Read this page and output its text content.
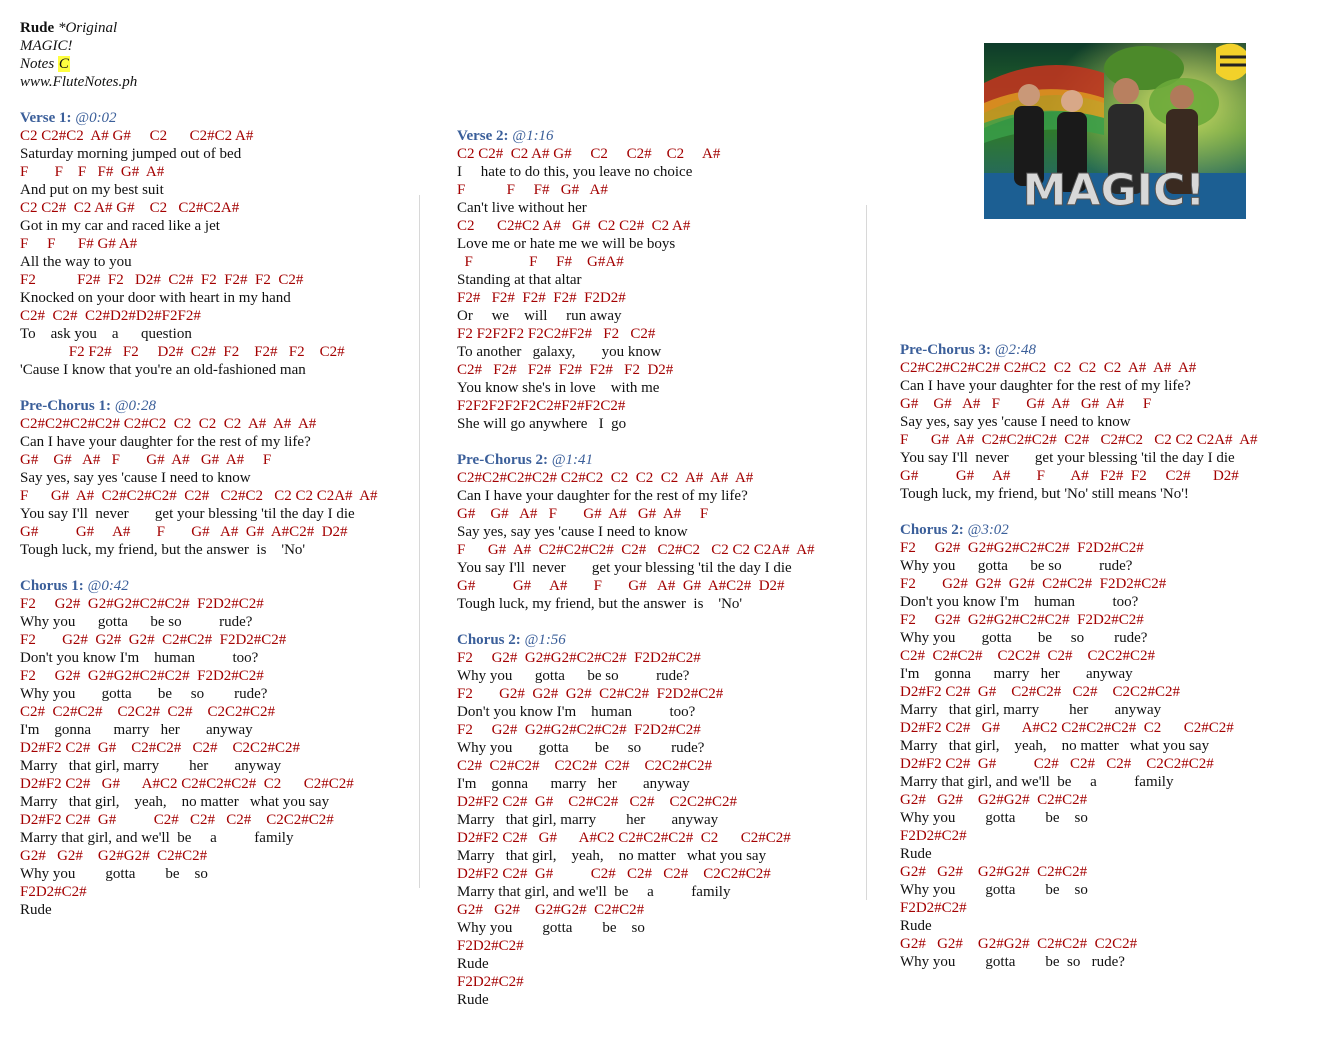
Rude *Original
MAGIC!
Notes C
www.FluteNotes.ph
Verse 1: @0:02
C2 C2#C2  A# G#     C2      C2#C2 A#
Saturday morning jumped out of bed
F       F    F   F#  G#  A#
And put on my best suit
C2 C2#  C2 A# G#    C2   C2#C2A#
Got in my car and raced like a jet
F     F      F# G# A#
All the way to you
F2           F2#  F2   D2#  C2#  F2  F2#  F2  C2#
Knocked on your door with heart in my hand
C2#  C2#  C2#D2#D2#F2F2#
To    ask you    a      question
F2 F2#   F2     D2#  C2#  F2    F2#   F2    C2#
'Cause I know that you're an old-fashioned man
Pre-Chorus 1: @0:28
C2#C2#C2#C2# C2#C2  C2  C2  C2  A#  A#  A#
Can I have your daughter for the rest of my life?
G#    G#   A#   F       G#  A#   G#  A#     F
Say yes, say yes 'cause I need to know
F      G#  A#  C2#C2#C2#  C2#   C2#C2   C2 C2 C2A#  A#
You say I'll  never       get your blessing 'til the day I die
G#          G#     A#       F       G#   A#  G#  A#C2#  D2#
Tough luck, my friend, but the answer  is    'No'
Chorus 1: @0:42
F2     G2#  G2#G2#C2#C2#  F2D2#C2#
Why you      gotta      be so          rude?
F2       G2#  G2#  G2#  C2#C2#  F2D2#C2#
Don't you know I'm    human          too?
F2     G2#  G2#G2#C2#C2#  F2D2#C2#
Why you       gotta       be     so        rude?
C2#  C2#C2#    C2C2#  C2#    C2C2#C2#
I'm    gonna      marry   her       anyway
D2#F2 C2#  G#    C2#C2#   C2#    C2C2#C2#
Marry   that girl, marry        her       anyway
D2#F2 C2#   G#      A#C2 C2#C2#C2#  C2      C2#C2#
Marry   that girl,    yeah,    no matter   what you say
D2#F2 C2#  G#          C2#   C2#   C2#    C2C2#C2#
Marry that girl, and we'll  be     a          family
G2#   G2#    G2#G2#  C2#C2#
Why you        gotta        be    so
F2D2#C2#
Rude
Verse 2: @1:16
C2 C2#  C2 A# G#     C2     C2#    C2     A#
I     hate to do this, you leave no choice
F           F     F#   G#   A#
Can't live without her
C2      C2#C2 A#   G#  C2 C2#  C2 A#
Love me or hate me we will be boys
F               F     F#    G#A#
Standing at that altar
F2#   F2#  F2#  F2#  F2D2#
Or     we    will     run away
F2 F2F2F2 F2C2#F2#   F2   C2#
To another   galaxy,       you know
C2#   F2#   F2#  F2#  F2#   F2  D2#
You know she's in love    with me
F2F2F2F2F2C2#F2#F2C2#
She will go anywhere   I  go
Pre-Chorus 2: @1:41
C2#C2#C2#C2# C2#C2  C2  C2  C2  A#  A#  A#
Can I have your daughter for the rest of my life?
G#    G#   A#   F       G#  A#   G#  A#     F
Say yes, say yes 'cause I need to know
F      G#  A#  C2#C2#C2#  C2#   C2#C2   C2 C2 C2A#  A#
You say I'll  never       get your blessing 'til the day I die
G#          G#     A#       F       G#   A#  G#  A#C2#  D2#
Tough luck, my friend, but the answer  is    'No'
Chorus 2: @1:56
F2     G2#  G2#G2#C2#C2#  F2D2#C2#
Why you      gotta      be so          rude?
F2       G2#  G2#  G2#  C2#C2#  F2D2#C2#
Don't you know I'm    human          too?
F2     G2#  G2#G2#C2#C2#  F2D2#C2#
Why you       gotta       be     so        rude?
C2#  C2#C2#    C2C2#  C2#    C2C2#C2#
I'm    gonna      marry   her       anyway
D2#F2 C2#  G#    C2#C2#   C2#    C2C2#C2#
Marry   that girl, marry        her       anyway
D2#F2 C2#   G#      A#C2 C2#C2#C2#  C2      C2#C2#
Marry   that girl,    yeah,    no matter   what you say
D2#F2 C2#  G#          C2#   C2#   C2#    C2C2#C2#
Marry that girl, and we'll  be     a          family
G2#   G2#    G2#G2#  C2#C2#
Why you        gotta        be    so
F2D2#C2#
Rude
F2D2#C2#
Rude
Pre-Chorus 3: @2:48
C2#C2#C2#C2# C2#C2  C2  C2  C2  A#  A#  A#
Can I have your daughter for the rest of my life?
G#    G#   A#   F       G#  A#   G#  A#     F
Say yes, say yes 'cause I need to know
F      G#  A#  C2#C2#C2#  C2#   C2#C2   C2 C2 C2A#  A#
You say I'll  never       get your blessing 'til the day I die
G#          G#     A#       F       A#   F2#  F2     C2#      D2#
Tough luck, my friend, but 'No' still means 'No'!
Chorus 2: @3:02
F2     G2#  G2#G2#C2#C2#  F2D2#C2#
Why you      gotta      be so          rude?
F2       G2#  G2#  G2#  C2#C2#  F2D2#C2#
Don't you know I'm    human          too?
F2     G2#  G2#G2#C2#C2#  F2D2#C2#
Why you       gotta       be     so        rude?
C2#  C2#C2#    C2C2#  C2#    C2C2#C2#
I'm    gonna      marry   her       anyway
D2#F2 C2#  G#    C2#C2#   C2#    C2C2#C2#
Marry   that girl, marry        her       anyway
D2#F2 C2#   G#      A#C2 C2#C2#C2#  C2      C2#C2#
Marry   that girl,    yeah,    no matter   what you say
D2#F2 C2#  G#          C2#   C2#   C2#    C2C2#C2#
Marry that girl, and we'll  be     a          family
G2#   G2#    G2#G2#  C2#C2#
Why you        gotta        be    so
F2D2#C2#
Rude
G2#   G2#    G2#G2#  C2#C2#
Why you        gotta        be    so
F2D2#C2#
Rude
G2#   G2#    G2#G2#  C2#C2#  C2C2#
Why you        gotta        be  so   rude?
MAGIC!
